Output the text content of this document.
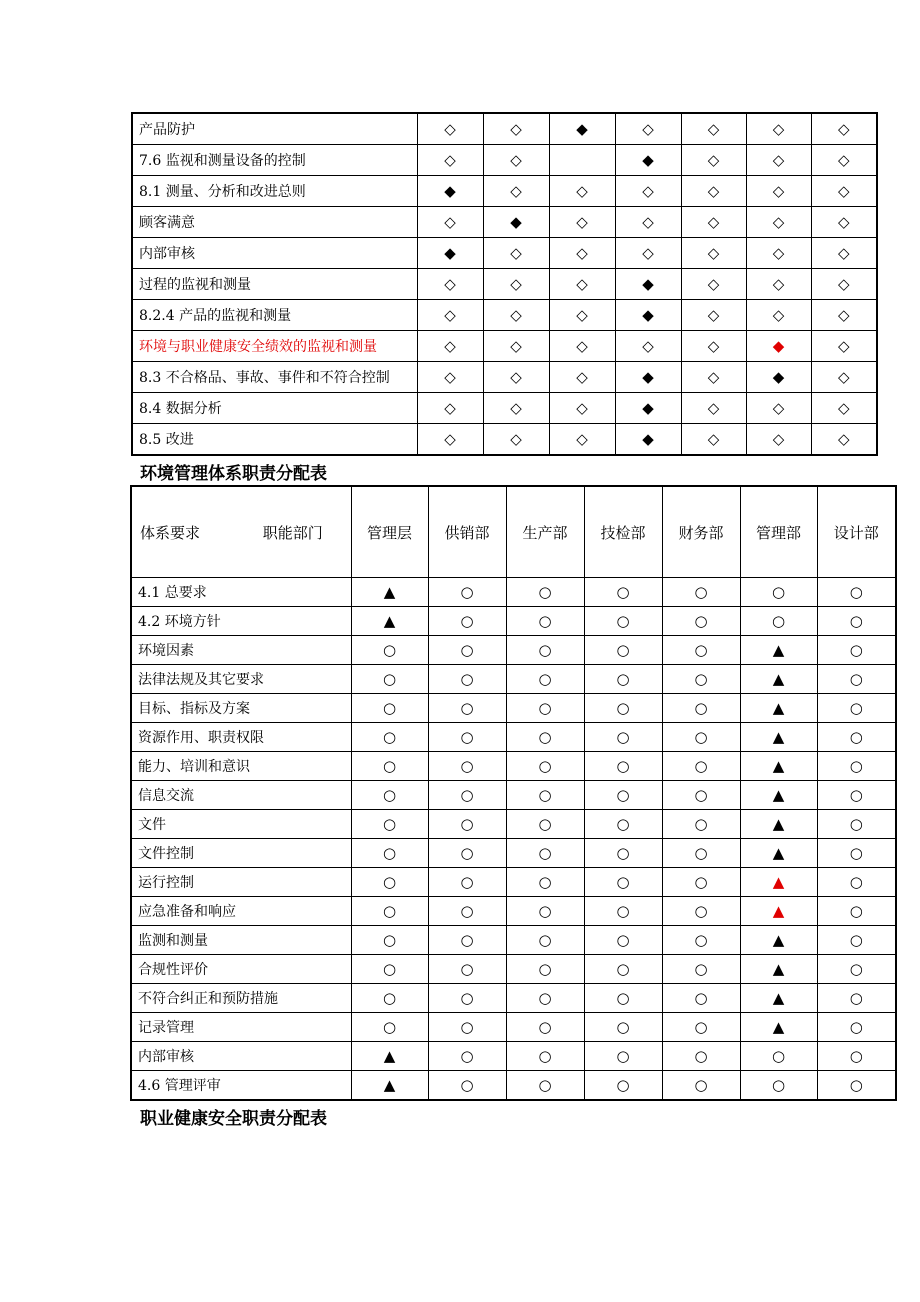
产品防护	◇	◇	◆	◇	◇	◇	◇
7.6 监视和测量设备的控制	◇	◇		◆	◇	◇	◇
8.1 测量、分析和改进总则	◆	◇	◇	◇	◇	◇	◇
顾客满意	◇	◆	◇	◇	◇	◇	◇
内部审核	◆	◇	◇	◇	◇	◇	◇
过程的监视和测量	◇	◇	◇	◆	◇	◇	◇
8.2.4 产品的监视和测量	◇	◇	◇	◆	◇	◇	◇
环境与职业健康安全绩效的监视和测量	◇	◇	◇	◇	◇	◆	◇
8.3 不合格品、事故、事件和不符合控制	◇	◇	◇	◆	◇	◆	◇
8.4 数据分析	◇	◇	◇	◆	◇	◇	◇
8.5 改进	◇	◇	◇	◆	◇	◇	◇
环境管理体系职责分配表
体系要求 职能部门	管理层	供销部	生产部	技检部	财务部	管理部	设计部
4.1 总要求	▲	○	○	○	○	○	○
4.2 环境方针	▲	○	○	○	○	○	○
环境因素	○	○	○	○	○	▲	○
法律法规及其它要求	○	○	○	○	○	▲	○
目标、指标及方案	○	○	○	○	○	▲	○
资源作用、职责权限	○	○	○	○	○	▲	○
能力、培训和意识	○	○	○	○	○	▲	○
信息交流	○	○	○	○	○	▲	○
文件	○	○	○	○	○	▲	○
文件控制	○	○	○	○	○	▲	○
运行控制	○	○	○	○	○	▲	○
应急准备和响应	○	○	○	○	○	▲	○
监测和测量	○	○	○	○	○	▲	○
合规性评价	○	○	○	○	○	▲	○
不符合纠正和预防措施	○	○	○	○	○	▲	○
记录管理	○	○	○	○	○	▲	○
内部审核	▲	○	○	○	○	○	○
4.6 管理评审	▲	○	○	○	○	○	○
职业健康安全职责分配表
